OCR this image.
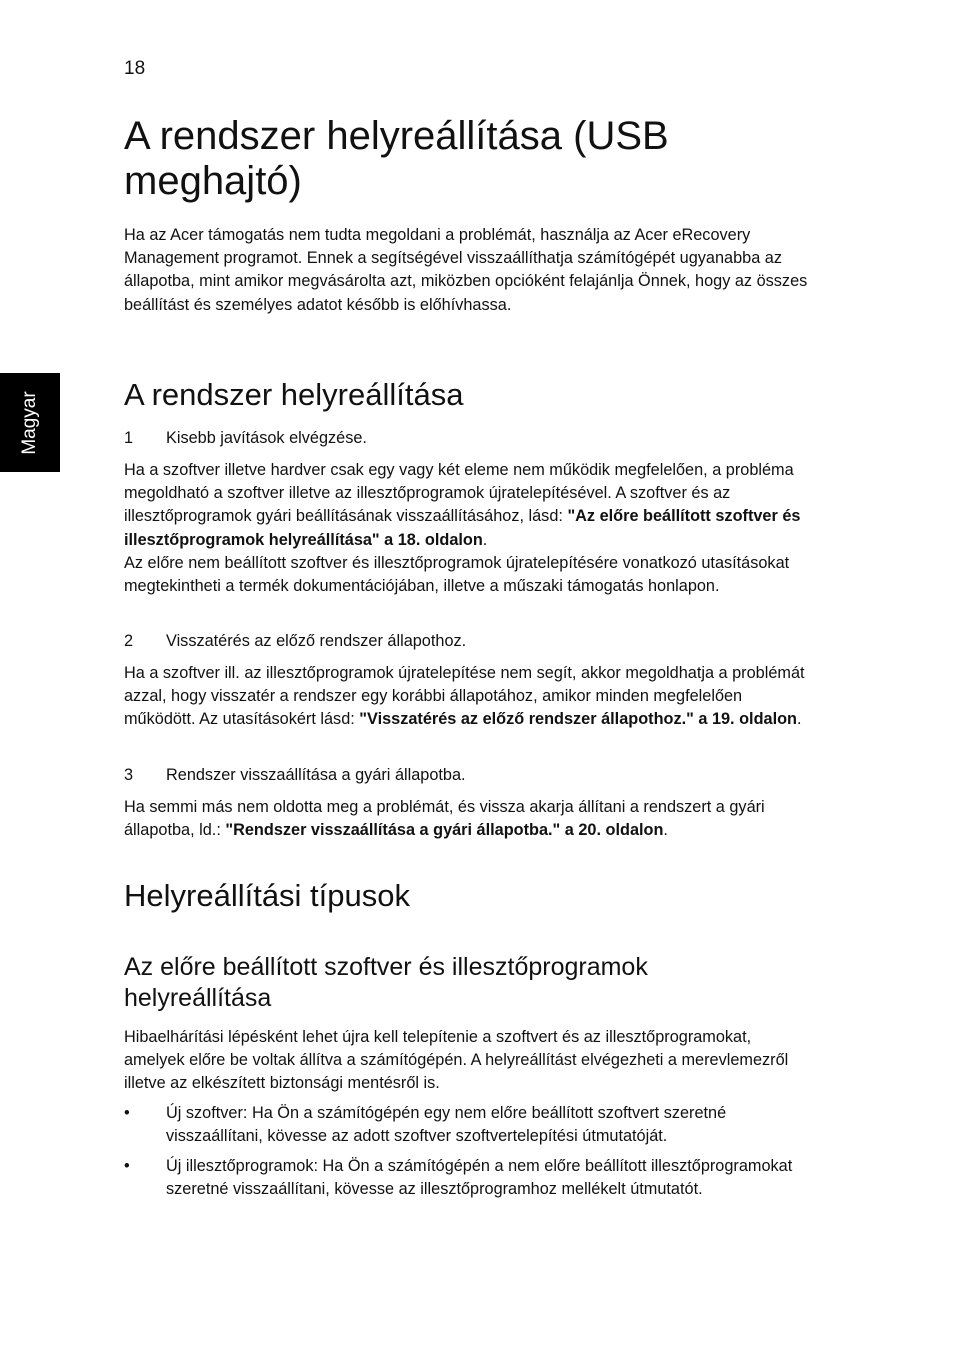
18
Magyar
A rendszer helyreállítása (USB meghajtó)

Ha az Acer támogatás nem tudta megoldani a problémát, használja az Acer eRecovery Management programot. Ennek a segítségével visszaállíthatja számítógépét ugyanabba az állapotba, mint amikor megvásárolta azt, miközben opcióként felajánlja Önnek, hogy az összes beállítást és személyes adatot később is előhívhassa.

A rendszer helyreállítása
1 Kisebb javítások elvégzése.

Ha a szoftver illetve hardver csak egy vagy két eleme nem működik megfelelően, a probléma megoldható a szoftver illetve az illesztőprogramok újratelepítésével. A szoftver és az illesztőprogramok gyári beállításának visszaállításához, lásd: "Az előre beállított szoftver és illesztőprogramok helyreállítása" a 18. oldalon.
Az előre nem beállított szoftver és illesztőprogramok újratelepítésére vonatkozó utasításokat megtekintheti a termék dokumentációjában, illetve a műszaki támogatás honlapon.

2 Visszatérés az előző rendszer állapothoz.

Ha a szoftver ill. az illesztőprogramok újratelepítése nem segít, akkor megoldhatja a problémát azzal, hogy visszatér a rendszer egy korábbi állapotához, amikor minden megfelelően működött. Az utasításokért lásd: "Visszatérés az előző rendszer állapothoz." a 19. oldalon.

3 Rendszer visszaállítása a gyári állapotba.

Ha semmi más nem oldotta meg a problémát, és vissza akarja állítani a rendszert a gyári állapotba, ld.: "Rendszer visszaállítása a gyári állapotba." a 20. oldalon.

Helyreállítási típusok
Az előre beállított szoftver és illesztőprogramok helyreállítása

Hibaelhárítási lépésként lehet újra kell telepítenie a szoftvert és az illesztőprogramokat, amelyek előre be voltak állítva a számítógépén. A helyreállítást elvégezheti a merevlemezről illetve az elkészített biztonsági mentésről is.

• Új szoftver: Ha Ön a számítógépén egy nem előre beállított szoftvert szeretné visszaállítani, kövesse az adott szoftver szoftvertelepítési útmutatóját.
• Új illesztőprogramok: Ha Ön a számítógépén a nem előre beállított illesztőprogramokat szeretné visszaállítani, kövesse az illesztőprogramhoz mellékelt útmutatót.
